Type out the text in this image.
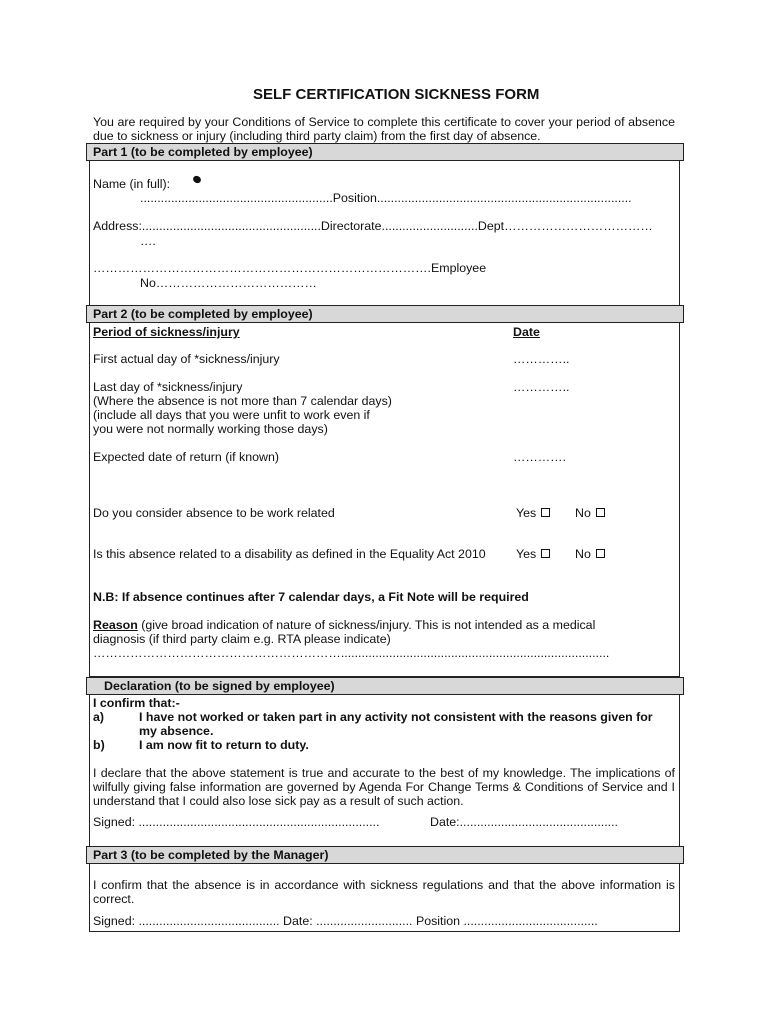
SELF CERTIFICATION SICKNESS FORM
You are required by your Conditions of Service to complete this certificate to cover your period of absence due to sickness or injury (including third party claim) from the first day of absence.
Part 1 (to be completed by employee)
Name (in full):
........................................................Position..........................................................................
Address:....................................................Directorate............................Dept………………………………
….
……………………………………………………………………….Employee
No…………………………………
Part 2 (to be completed by employee)
Period of sickness/injury	Date
First actual day of *sickness/injury	…………..
Last day of *sickness/injury	…………..
(Where the absence is not more than 7 calendar days)
(include all days that you were unfit to work even if
you were not normally working those days)
Expected date of return (if known)	………….
Do you consider absence to be work related	Yes	No
Is this absence related to a disability as defined in the Equality Act 2010 Yes	No
N.B: If absence continues after 7 calendar days, a Fit Note will be required
Reason (give broad indication of nature of sickness/injury. This is not intended as a medical
diagnosis (if third party claim e.g. RTA please indicate)
……………………………………………………..............................................................................
Declaration (to be signed by employee)
I confirm that:-
a)	I have not worked or taken part in any activity not consistent with the reasons given for
my absence.
b)	I am now fit to return to duty.
I declare that the above statement is true and accurate to the best of my knowledge. The implications of wilfully giving false information are governed by Agenda For Change Terms & Conditions of Service and I understand that I could also lose sick pay as a result of such action.
Signed: ......................................................................	Date:..............................................
Part 3 (to be completed by the Manager)
I confirm that the absence is in accordance with sickness regulations and that the above information is correct.
Signed: ......................................... Date: ............................ Position .......................................
